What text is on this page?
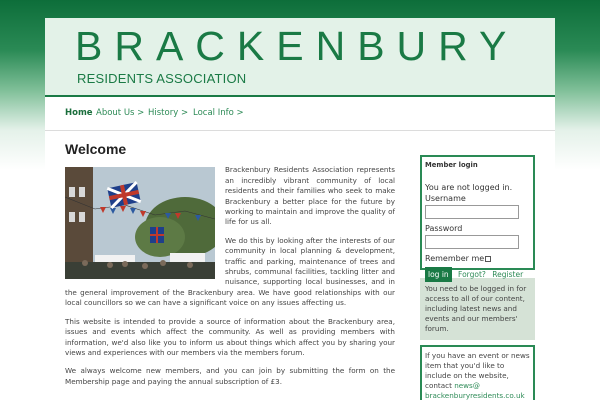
BRACKENBURY
RESIDENTS ASSOCIATION
Home About Us > History > Local Info >
Welcome

Brackenbury Residents Association represents an incredibly vibrant community of local residents and their families who seek to make Brackenbury a better place for the future by working to maintain and improve the quality of life for us all.

We do this by looking after the interests of our community in local planning & development, traffic and parking, maintenance of trees and shrubs, communal facilities, tackling litter and nuisance, supporting local businesses, and in the general improvement of the Brackenbury area. We have good relationships with our local councillors so we can have a significant voice on any issues affecting us.

This website is intended to provide a source of information about the Brackenbury area, issues and events which affect the community. As well as providing members with information, we'd also like you to inform us about things which affect you by sharing your views and experiences with our members via the members forum.

We always welcome new members, and you can join by submitting the form on the Membership page and paying the annual subscription of £3.

Member login
You are not logged in.
Username
Password
Remember me
log in Forgot? Register
You need to be logged in for access to all of our content, including latest news and events and our members' forum.
If you have an event or news item that you'd like to include on the website, contact news@ brackenburyresidents.co.uk
